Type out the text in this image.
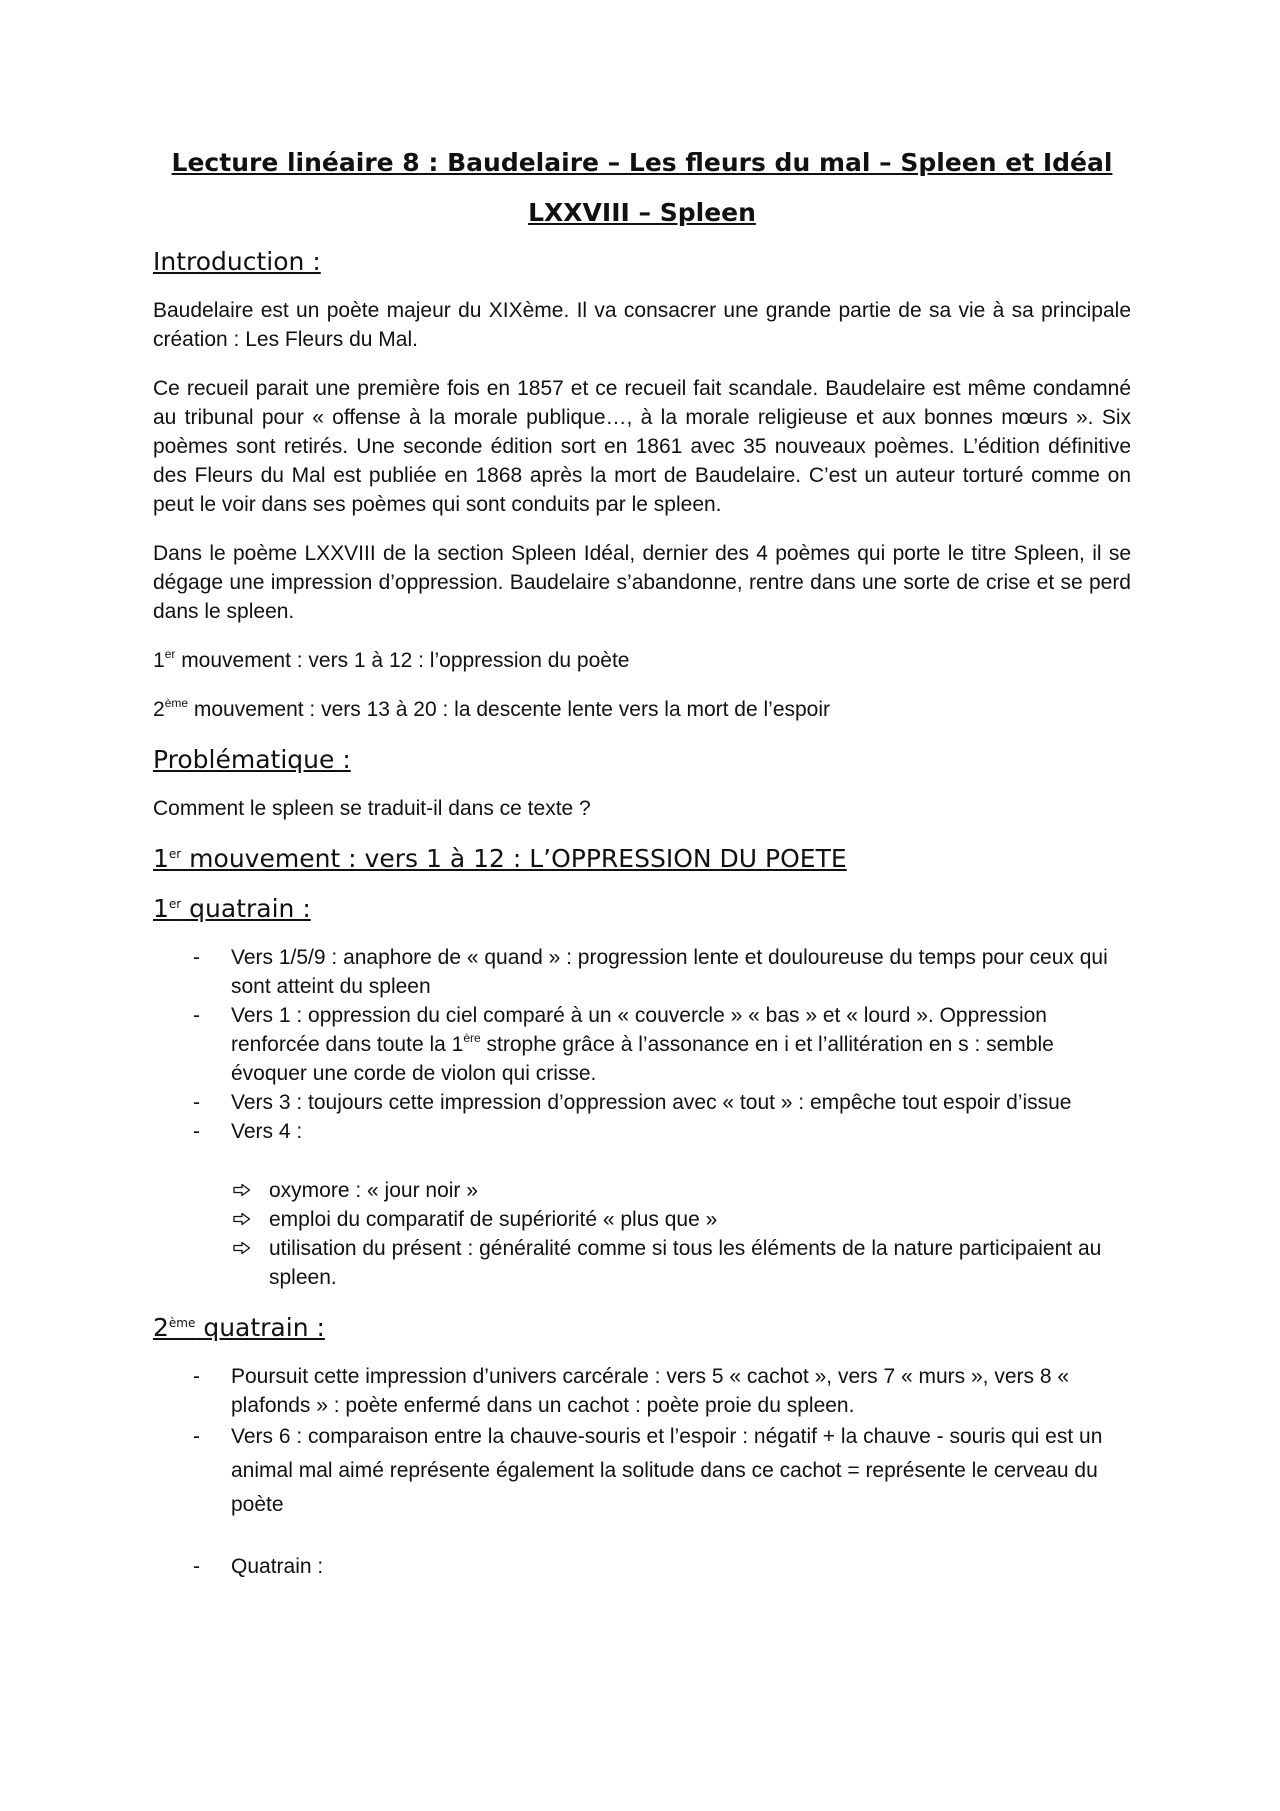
Lecture linéaire 8 : Baudelaire – Les fleurs du mal – Spleen et Idéal
LXXVIII – Spleen
Introduction :

Baudelaire est un poète majeur du XIXème. Il va consacrer une grande partie de sa vie à sa principale création : Les Fleurs du Mal.

Ce recueil parait une première fois en 1857 et ce recueil fait scandale. Baudelaire est même condamné au tribunal pour « offense à la morale publique…, à la morale religieuse et aux bonnes mœurs ». Six poèmes sont retirés. Une seconde édition sort en 1861 avec 35 nouveaux poèmes. L’édition définitive des Fleurs du Mal est publiée en 1868 après la mort de Baudelaire. C’est un auteur torturé comme on peut le voir dans ses poèmes qui sont conduits par le spleen.

Dans le poème LXXVIII de la section Spleen Idéal, dernier des 4 poèmes qui porte le titre Spleen, il se dégage une impression d’oppression. Baudelaire s’abandonne, rentre dans une sorte de crise et se perd dans le spleen.

1er mouvement : vers 1 à 12 : l’oppression du poète

2ème mouvement : vers 13 à 20 : la descente lente vers la mort de l’espoir

Problématique :

Comment le spleen se traduit-il dans ce texte ?

1er mouvement : vers 1 à 12 : L’OPPRESSION DU POETE
1er quatrain :
- Vers 1/5/9 : anaphore de « quand » : progression lente et douloureuse du temps pour ceux qui sont atteint du spleen
- Vers 1 : oppression du ciel comparé à un « couvercle » « bas » et « lourd ». Oppression renforcée dans toute la 1ère strophe grâce à l’assonance en i et l’allitération en s : semble évoquer une corde de violon qui crisse.
- Vers 3 : toujours cette impression d’oppression avec « tout » : empêche tout espoir d’issue
- Vers 4 :
oxymore : « jour noir »
emploi du comparatif de supériorité « plus que »
utilisation du présent : généralité comme si tous les éléments de la nature participaient au spleen.
2ème quatrain :
- Poursuit cette impression d’univers carcérale : vers 5 « cachot », vers 7 « murs », vers 8 « plafonds » : poète enfermé dans un cachot : poète proie du spleen.
- Vers 6 : comparaison entre la chauve-souris et l’espoir : négatif + la chauve - souris qui est un animal mal aimé représente également la solitude dans ce cachot = représente le cerveau du poète
- Quatrain :
